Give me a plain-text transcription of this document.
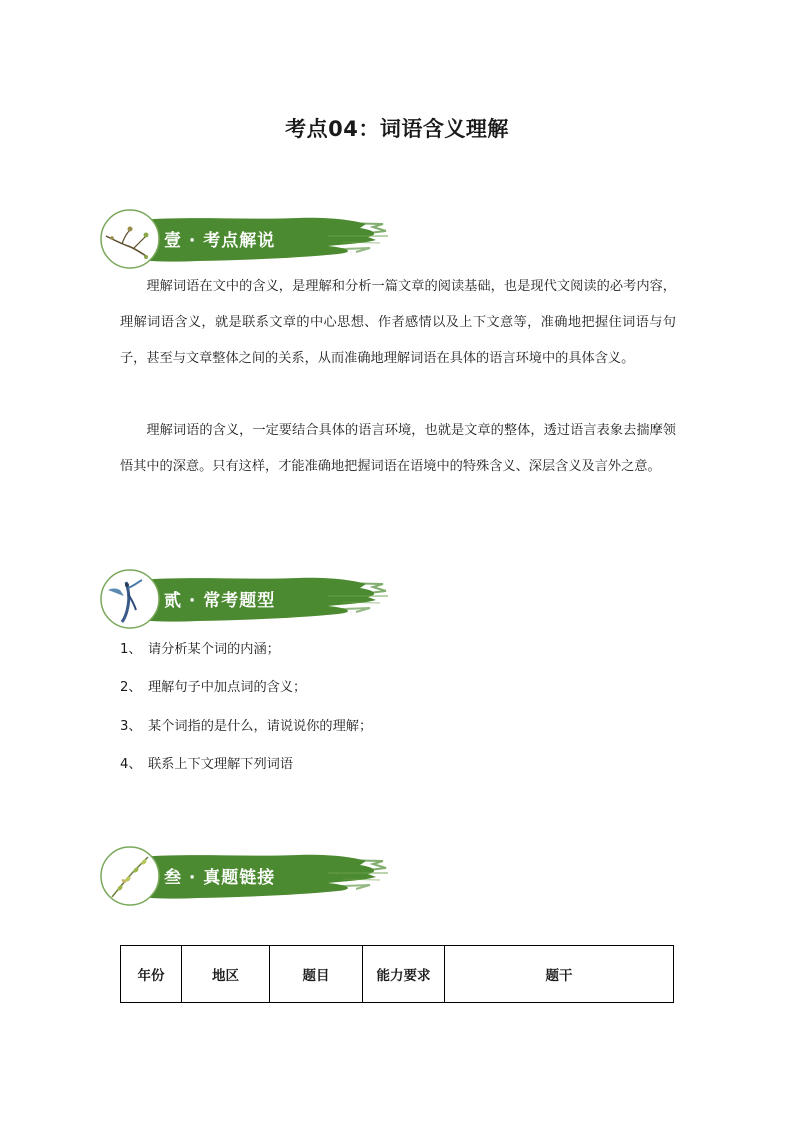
考点04：词语含义理解
壹 · 考点解说

理解词语在文中的含义，是理解和分析一篇文章的阅读基础，也是现代文阅读的必考内容，理解词语含义，就是联系文章的中心思想、作者感情以及上下文意等，准确地把握住词语与句子，甚至与文章整体之间的关系，从而准确地理解词语在具体的语言环境中的具体含义。

理解词语的含义，一定要结合具体的语言环境，也就是文章的整体，透过语言表象去揣摩领悟其中的深意。只有这样，才能准确地把握词语在语境中的特殊含义、深层含义及言外之意。

贰 · 常考题型
1、 请分析某个词的内涵；
2、 理解句子中加点词的含义；
3、 某个词指的是什么，请说说你的理解；
4、 联系上下文理解下列词语
叁 · 真题链接
年份	地区	题目	能力要求	题干
